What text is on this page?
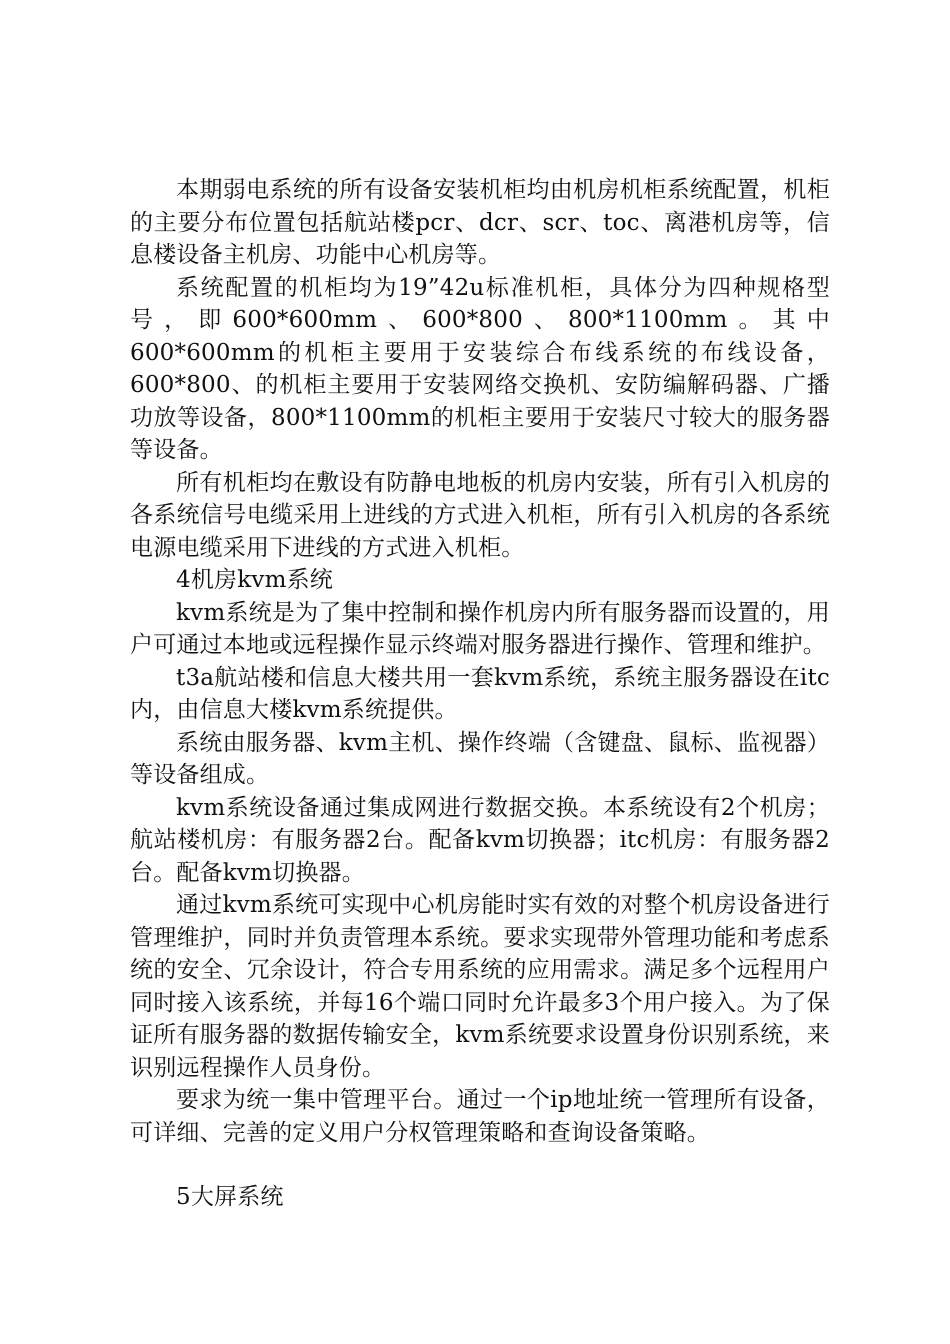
本期弱电系统的所有设备安装机柜均由机房机柜系统配置，机柜的主要分布位置包括航站楼pcr、dcr、scr、toc、离港机房等，信息楼设备主机房、功能中心机房等。

系统配置的机柜均为19”42u标准机柜，具体分为四种规格型号，即600*600mm、600*800、800*1100mm。其中600*600mm的机柜主要用于安装综合布线系统的布线设备，600*800、的机柜主要用于安装网络交换机、安防编解码器、广播功放等设备，800*1100mm的机柜主要用于安装尺寸较大的服务器等设备。

所有机柜均在敷设有防静电地板的机房内安装，所有引入机房的各系统信号电缆采用上进线的方式进入机柜，所有引入机房的各系统电源电缆采用下进线的方式进入机柜。

4机房kvm系统

kvm系统是为了集中控制和操作机房内所有服务器而设置的，用户可通过本地或远程操作显示终端对服务器进行操作、管理和维护。

t3a航站楼和信息大楼共用一套kvm系统，系统主服务器设在itc内，由信息大楼kvm系统提供。

系统由服务器、kvm主机、操作终端（含键盘、鼠标、监视器）等设备组成。

kvm系统设备通过集成网进行数据交换。本系统设有2个机房；航站楼机房：有服务器2台。配备kvm切换器；itc机房：有服务器2台。配备kvm切换器。

通过kvm系统可实现中心机房能时实有效的对整个机房设备进行管理维护，同时并负责管理本系统。要求实现带外管理功能和考虑系统的安全、冗余设计，符合专用系统的应用需求。满足多个远程用户同时接入该系统，并每16个端口同时允许最多3个用户接入。为了保证所有服务器的数据传输安全，kvm系统要求设置身份识别系统，来识别远程操作人员身份。

要求为统一集中管理平台。通过一个ip地址统一管理所有设备，可详细、完善的定义用户分权管理策略和查询设备策略。

5大屏系统
